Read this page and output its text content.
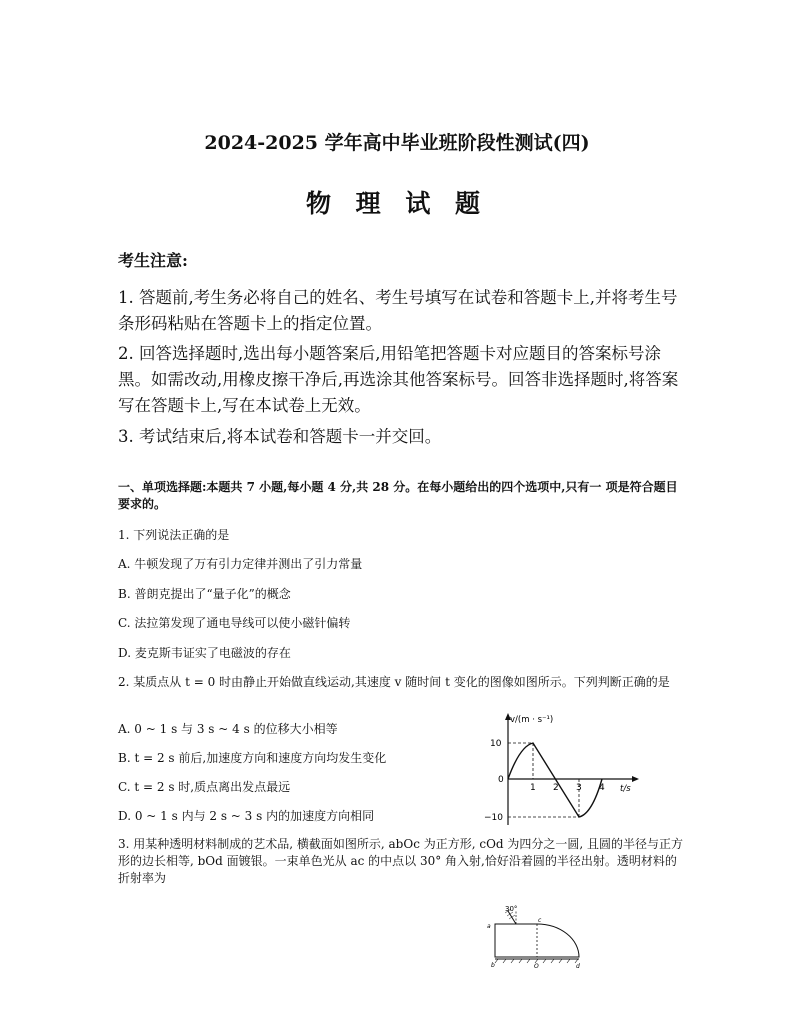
2024-2025 学年高中毕业班阶段性测试(四)
物 理 试 题
考生注意:
1. 答题前,考生务必将自己的姓名、考生号填写在试卷和答题卡上,并将考生号条形码粘贴在答题卡上的指定位置。
2. 回答选择题时,选出每小题答案后,用铅笔把答题卡对应题目的答案标号涂黑。如需改动,用橡皮擦干净后,再选涂其他答案标号。回答非选择题时,将答案写在答题卡上,写在本试卷上无效。
3. 考试结束后,将本试卷和答题卡一并交回。
一、单项选择题:本题共 7 小题,每小题 4 分,共 28 分。在每小题给出的四个选项中,只有一 项是符合题目要求的。
1. 下列说法正确的是
A. 牛顿发现了万有引力定律并测出了引力常量
B. 普朗克提出了“量子化”的概念
C. 法拉第发现了通电导线可以使小磁针偏转
D. 麦克斯韦证实了电磁波的存在
2. 某质点从 t = 0 时由静止开始做直线运动,其速度 v 随时间 t 变化的图像如图所示。下列判断正确的是
A. 0 ~ 1 s 与 3 s ~ 4 s 的位移大小相等
B. t = 2 s 前后,加速度方向和速度方向均发生变化
C. t = 2 s 时,质点离出发点最远
D. 0 ~ 1 s 内与 2 s ~ 3 s 内的加速度方向相同
v/(m · s⁻¹)
t/s
10
0
−10
1 2 3 4
3. 用某种透明材料制成的艺术品, 横截面如图所示, abOc 为正方形, cOd 为四分之一圆, 且圆的半径与正方形的边长相等, bOd 面镀银。一束单色光从 ac 的中点以 30° 角入射,恰好沿着圆的半径出射。透明材料的折射率为
30°
a
b
c
O	d
